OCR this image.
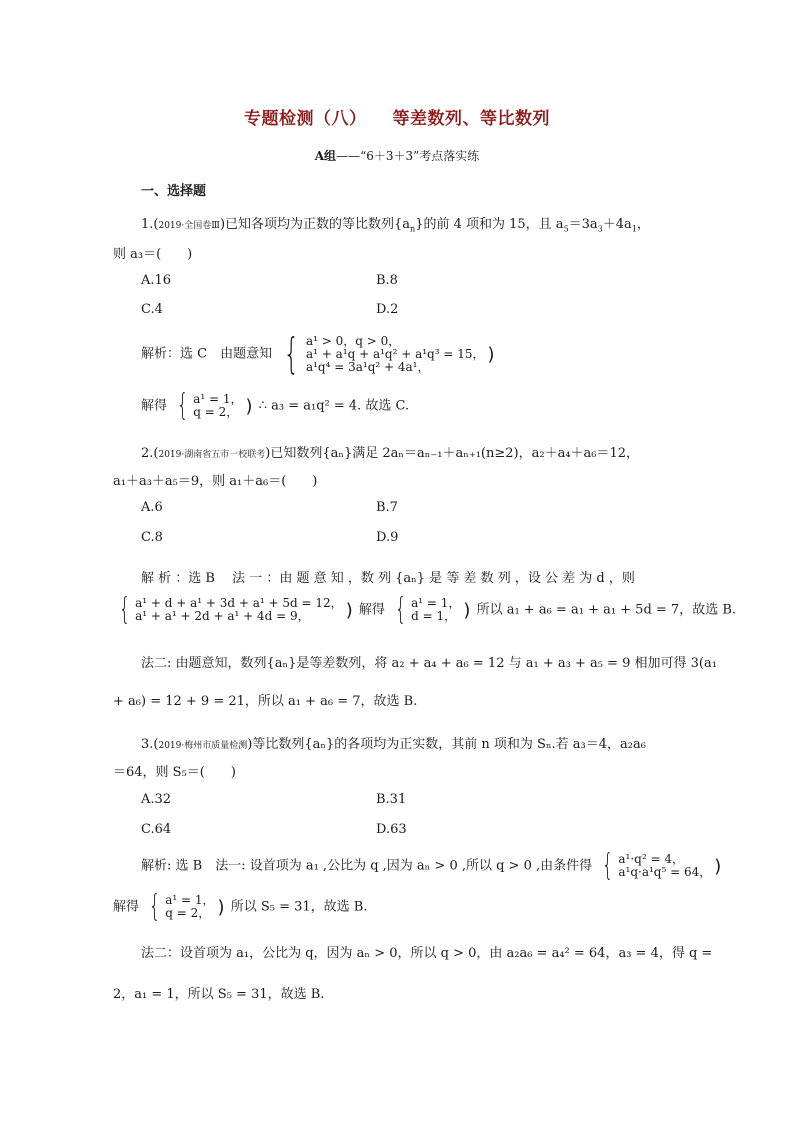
专题检测（八） 等差数列、等比数列
A组——“6＋3＋3”考点落实练
一、选择题
1.(2019·全国卷Ⅲ)已知各项均为正数的等比数列$\{a_n\}$的前 4 项和为 15，且 $a_5=3a_3+4a_1$，
则 a₃＝(　　)
A.16	B.8
C.4	D.2
解析：选 C　由题意知 { a¹ > 0，q > 0，
a¹ + a¹q + a¹q² + a¹q³ = 15，
a¹q⁴ = 3a¹q² + 4a¹，
)
解得 { a¹ = 1，
q = 2， ) ∴ a₃ = a₁q² = 4. 故选 C.
2.(2019·湖南省五市一校联考)已知数列{aₙ}满足 2aₙ＝aₙ₋₁＋aₙ₊₁(n≥2)，a₂＋a₄＋a₆＝12，
a₁＋a₃＋a₅＝9，则 a₁＋a₆＝(　　)
A.6	B.7
C.8	D.9
解 析 ：选 B　 法 一 ：由 题 意 知 ，数 列 {aₙ} 是 等 差 数 列 ，设 公 差 为 d ，则
{ a¹ + d + a¹ + 3d + a¹ + 5d = 12，
a¹ + a¹ + 2d + a¹ + 4d = 9，	) 解得 { a¹ = 1，
d = 1， ) 所以 a₁ + a₆ = a₁ + a₁ + 5d = 7，故选 B.
法二: 由题意知，数列{aₙ}是等差数列，将 a₂ + a₄ + a₆ = 12 与 a₁ + a₃ + a₅ = 9 相加可得 3(a₁
+ a₆) = 12 + 9 = 21，所以 a₁ + a₆ = 7，故选 B.
3.(2019·梅州市质量检测)等比数列{aₙ}的各项均为正实数，其前 n 项和为 Sₙ.若 a₃＝4，a₂a₆
＝64，则 S₅＝(　　)
A.32	B.31
C.64	D.63
解析: 选 B　法一: 设首项为 a₁ ,公比为 q ,因为 aₙ > 0 ,所以 q > 0 ,由条件得 { a¹·q² = 4，
a¹q·a¹q⁵ = 64， )
解得 { a¹ = 1，
q = 2， ) 所以 S₅ = 31，故选 B.
法二：设首项为 a₁，公比为 q，因为 aₙ > 0，所以 q > 0，由 a₂a₆ = a₄² = 64，a₃ = 4，得 q =
2，a₁ = 1，所以 S₅ = 31，故选 B.
